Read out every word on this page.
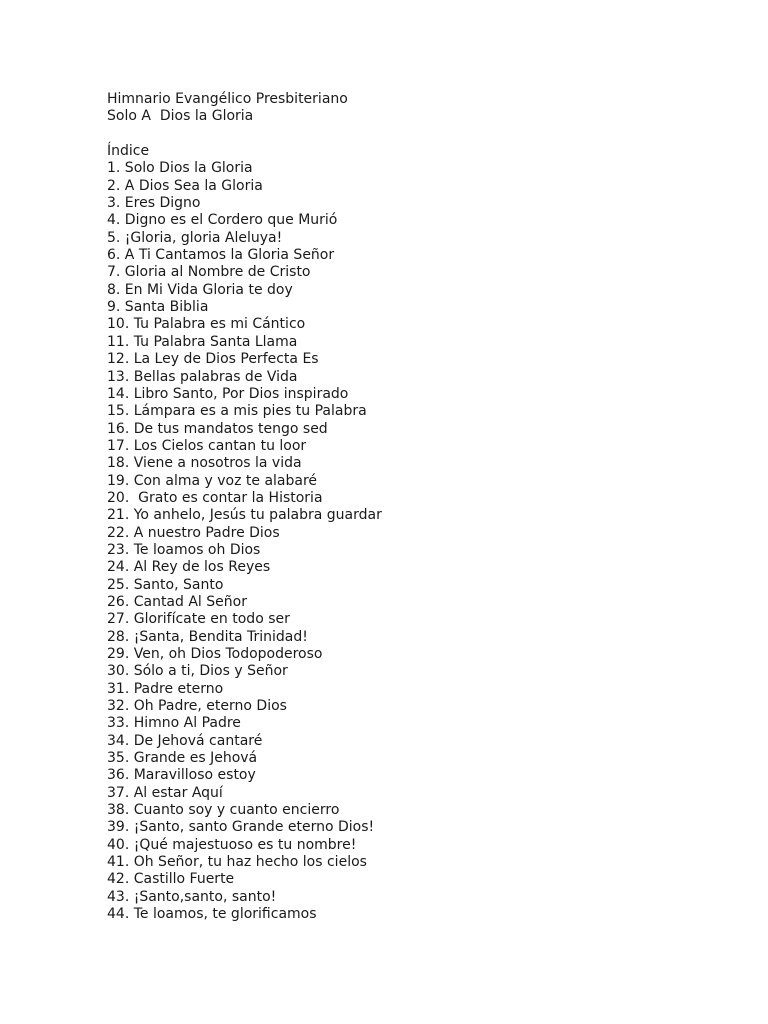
Himnario Evangélico Presbiteriano
Solo A  Dios la Gloria
Índice
1. Solo Dios la Gloria
2. A Dios Sea la Gloria
3. Eres Digno
4. Digno es el Cordero que Murió
5. ¡Gloria, gloria Aleluya!
6. A Ti Cantamos la Gloria Señor
7. Gloria al Nombre de Cristo
8. En Mi Vida Gloria te doy
9. Santa Biblia
10. Tu Palabra es mi Cántico
11. Tu Palabra Santa Llama
12. La Ley de Dios Perfecta Es
13. Bellas palabras de Vida
14. Libro Santo, Por Dios inspirado
15. Lámpara es a mis pies tu Palabra
16. De tus mandatos tengo sed
17. Los Cielos cantan tu loor
18. Viene a nosotros la vida
19. Con alma y voz te alabaré
20.  Grato es contar la Historia
21. Yo anhelo, Jesús tu palabra guardar
22. A nuestro Padre Dios
23. Te loamos oh Dios
24. Al Rey de los Reyes
25. Santo, Santo
26. Cantad Al Señor
27. Glorifícate en todo ser
28. ¡Santa, Bendita Trinidad!
29. Ven, oh Dios Todopoderoso
30. Sólo a ti, Dios y Señor
31. Padre eterno
32. Oh Padre, eterno Dios
33. Himno Al Padre
34. De Jehová cantaré
35. Grande es Jehová
36. Maravilloso estoy
37. Al estar Aquí
38. Cuanto soy y cuanto encierro
39. ¡Santo, santo Grande eterno Dios!
40. ¡Qué majestuoso es tu nombre!
41. Oh Señor, tu haz hecho los cielos
42. Castillo Fuerte
43. ¡Santo,santo, santo!
44. Te loamos, te glorificamos
